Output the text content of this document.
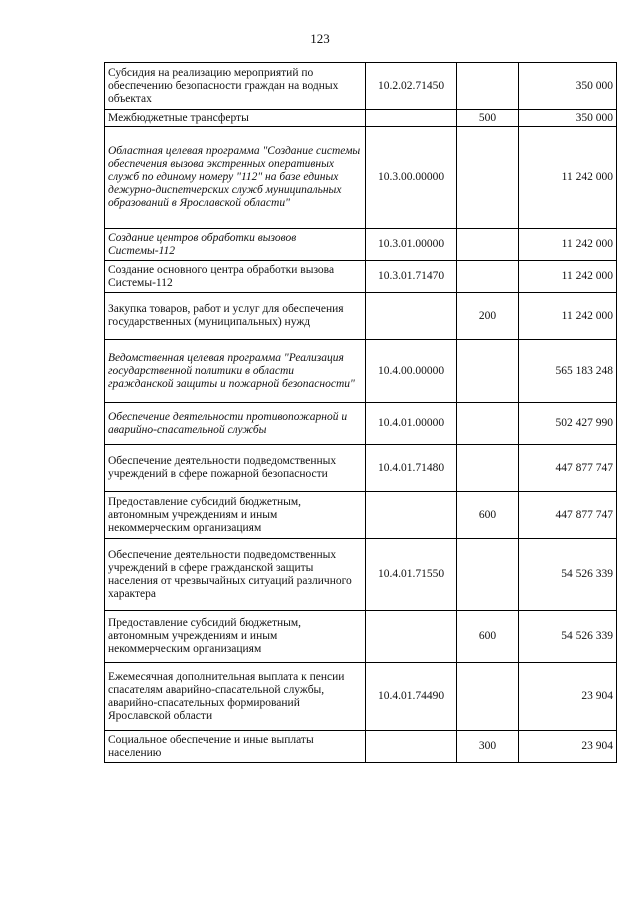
123
Субсидия на реализацию мероприятий по обеспечению безопасности граждан на водных объектах	10.2.02.71450		350 000
Межбюджетные трансферты		500	350 000
Областная целевая программа "Создание системы обеспечения вызова экстренных оперативных служб по единому номеру "112" на базе единых дежурно-диспетчерских служб муниципальных образований в Ярославской области"	10.3.00.00000		11 242 000
Создание центров обработки вызовов Системы-112	10.3.01.00000		11 242 000
Создание основного центра обработки вызова Системы-112	10.3.01.71470		11 242 000
Закупка товаров, работ и услуг для обеспечения государственных (муниципальных) нужд		200	11 242 000
Ведомственная целевая программа "Реализация государственной политики в области гражданской защиты и пожарной безопасности"	10.4.00.00000		565 183 248
Обеспечение деятельности противопожарной и аварийно-спасательной службы	10.4.01.00000		502 427 990
Обеспечение деятельности подведомственных учреждений в сфере пожарной безопасности	10.4.01.71480		447 877 747
Предоставление субсидий бюджетным, автономным учреждениям и иным некоммерческим организациям		600	447 877 747
Обеспечение деятельности подведомственных учреждений в сфере гражданской защиты населения от чрезвычайных ситуаций различного характера	10.4.01.71550		54 526 339
Предоставление субсидий бюджетным, автономным учреждениям и иным некоммерческим организациям		600	54 526 339
Ежемесячная дополнительная выплата к пенсии спасателям аварийно-спасательной службы, аварийно-спасательных формирований Ярославской области	10.4.01.74490		23 904
Социальное обеспечение и иные выплаты населению		300	23 904
